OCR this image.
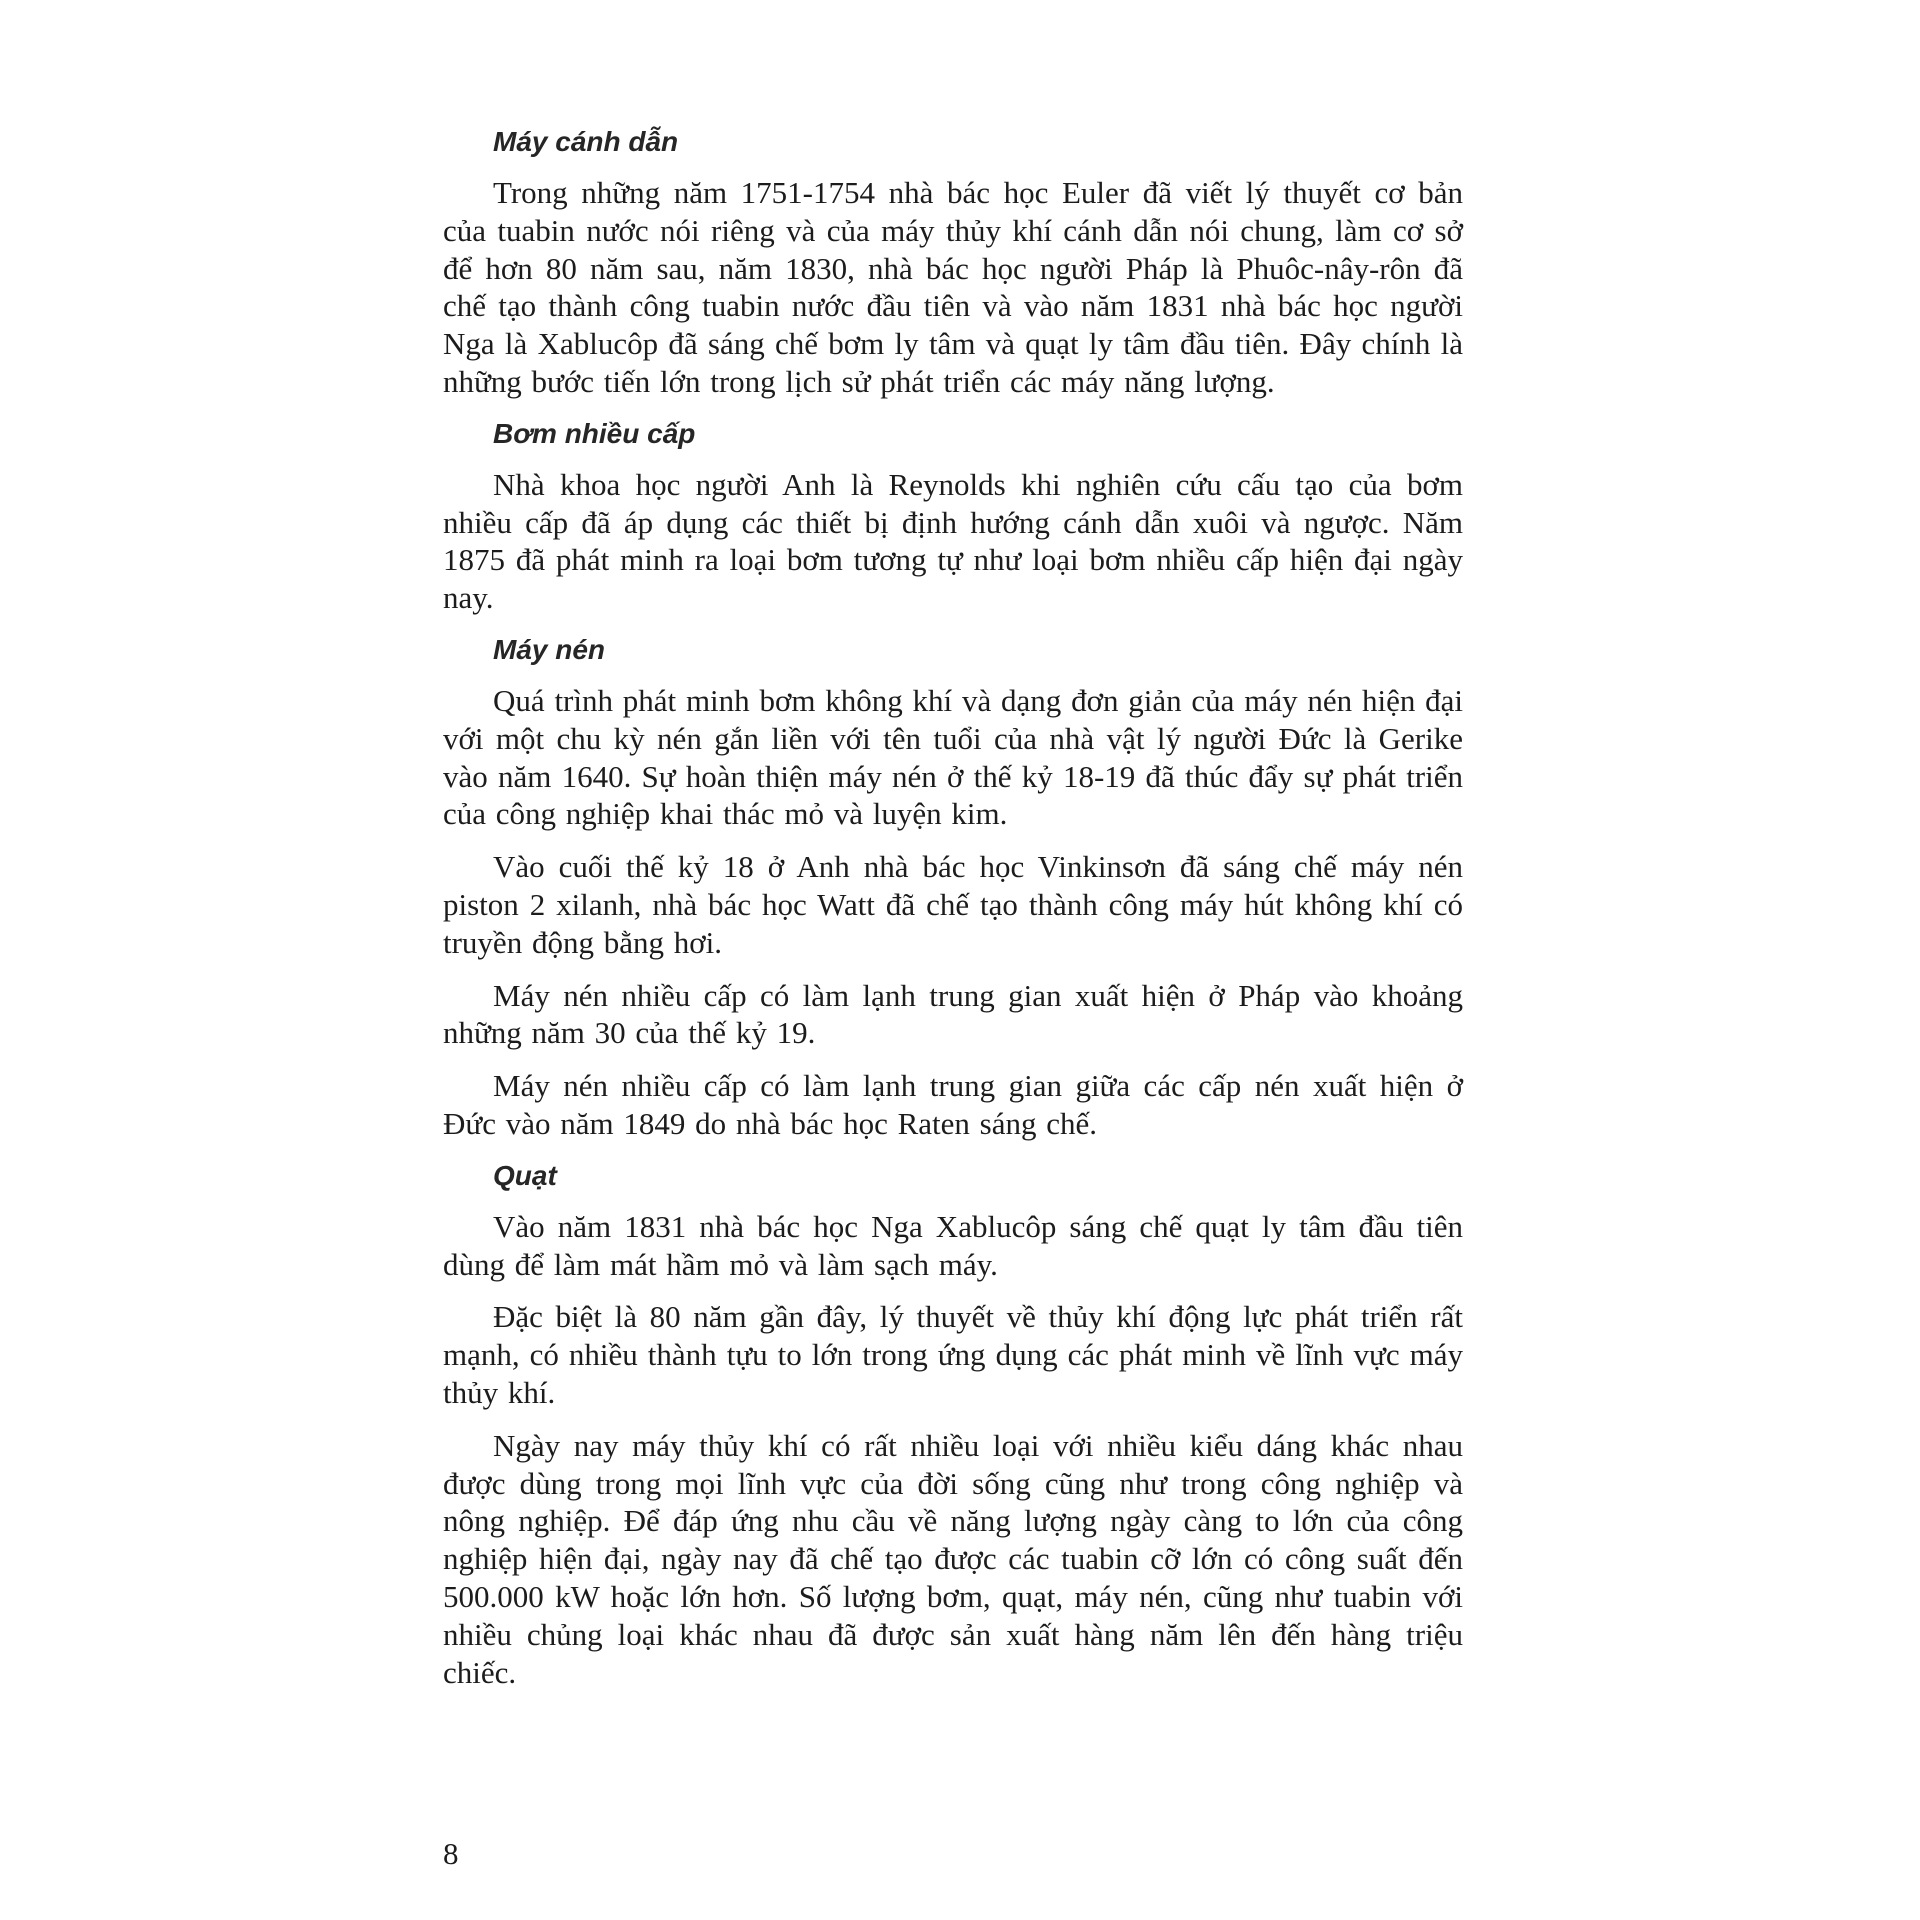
Máy cánh dẫn

Trong những năm 1751-1754 nhà bác học Euler đã viết lý thuyết cơ bản của tuabin nước nói riêng và của máy thủy khí cánh dẫn nói chung, làm cơ sở để hơn 80 năm sau, năm 1830, nhà bác học người Pháp là Phuôc-nây-rôn đã chế tạo thành công tuabin nước đầu tiên và vào năm 1831 nhà bác học người Nga là Xablucôp đã sáng chế bơm ly tâm và quạt ly tâm đầu tiên. Đây chính là những bước tiến lớn trong lịch sử phát triển các máy năng lượng.

Bơm nhiều cấp

Nhà khoa học người Anh là Reynolds khi nghiên cứu cấu tạo của bơm nhiều cấp đã áp dụng các thiết bị định hướng cánh dẫn xuôi và ngược. Năm 1875 đã phát minh ra loại bơm tương tự như loại bơm nhiều cấp hiện đại ngày nay.

Máy nén

Quá trình phát minh bơm không khí và dạng đơn giản của máy nén hiện đại với một chu kỳ nén gắn liền với tên tuổi của nhà vật lý người Đức là Gerike vào năm 1640. Sự hoàn thiện máy nén ở thế kỷ 18-19 đã thúc đẩy sự phát triển của công nghiệp khai thác mỏ và luyện kim.

Vào cuối thế kỷ 18 ở Anh nhà bác học Vinkinsơn đã sáng chế máy nén piston 2 xilanh, nhà bác học Watt đã chế tạo thành công máy hút không khí có truyền động bằng hơi.

Máy nén nhiều cấp có làm lạnh trung gian xuất hiện ở Pháp vào khoảng những năm 30 của thế kỷ 19.

Máy nén nhiều cấp có làm lạnh trung gian giữa các cấp nén xuất hiện ở Đức vào năm 1849 do nhà bác học Raten sáng chế.

Quạt

Vào năm 1831 nhà bác học Nga Xablucôp sáng chế quạt ly tâm đầu tiên dùng để làm mát hầm mỏ và làm sạch máy.

Đặc biệt là 80 năm gần đây, lý thuyết về thủy khí động lực phát triển rất mạnh, có nhiều thành tựu to lớn trong ứng dụng các phát minh về lĩnh vực máy thủy khí.

Ngày nay máy thủy khí có rất nhiều loại với nhiều kiểu dáng khác nhau được dùng trong mọi lĩnh vực của đời sống cũng như trong công nghiệp và nông nghiệp. Để đáp ứng nhu cầu về năng lượng ngày càng to lớn của công nghiệp hiện đại, ngày nay đã chế tạo được các tuabin cỡ lớn có công suất đến 500.000 kW hoặc lớn hơn. Số lượng bơm, quạt, máy nén, cũng như tuabin với nhiều chủng loại khác nhau đã được sản xuất hàng năm lên đến hàng triệu chiếc.

8
